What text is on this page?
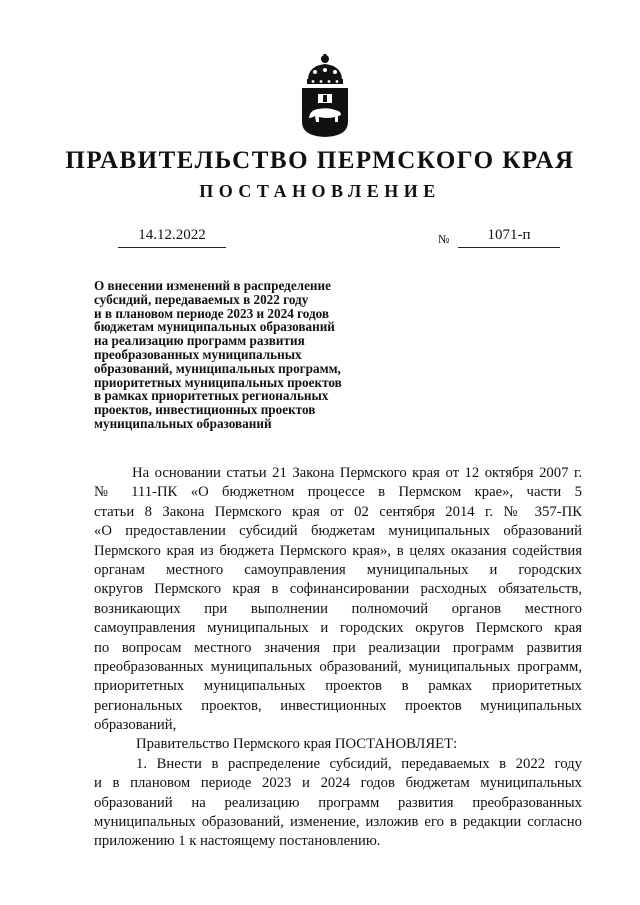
ПРАВИТЕЛЬСТВО ПЕРМСКОГО КРАЯ
ПОСТАНОВЛЕНИЕ
14.12.2022	№	1071-п
О внесении изменений в распределение
субсидий, передаваемых в 2022 году
и в плановом периоде 2023 и 2024 годов
бюджетам муниципальных образований
на реализацию программ развития
преобразованных муниципальных
образований, муниципальных программ,
приоритетных муниципальных проектов
в рамках приоритетных региональных
проектов, инвестиционных проектов
муниципальных образований
На основании статьи 21 Закона Пермского края от 12 октября 2007 г.
№ 111-ПК «О бюджетном процессе в Пермском крае», части 5
статьи 8 Закона Пермского края от 02 сентября 2014 г. № 357-ПК
«О предоставлении субсидий бюджетам муниципальных образований
Пермского края из бюджета Пермского края», в целях оказания содействия
органам местного самоуправления муниципальных и городских
округов Пермского края в софинансировании расходных обязательств,
возникающих при выполнении полномочий органов местного
самоуправления муниципальных и городских округов Пермского края
по вопросам местного значения при реализации программ развития
преобразованных муниципальных образований, муниципальных программ,
приоритетных муниципальных проектов в рамках приоритетных
региональных проектов, инвестиционных проектов муниципальных
образований,
Правительство Пермского края ПОСТАНОВЛЯЕТ:
1. Внести в распределение субсидий, передаваемых в 2022 году
и в плановом периоде 2023 и 2024 годов бюджетам муниципальных
образований на реализацию программ развития преобразованных
муниципальных образований, изменение, изложив его в редакции согласно
приложению 1 к настоящему постановлению.
